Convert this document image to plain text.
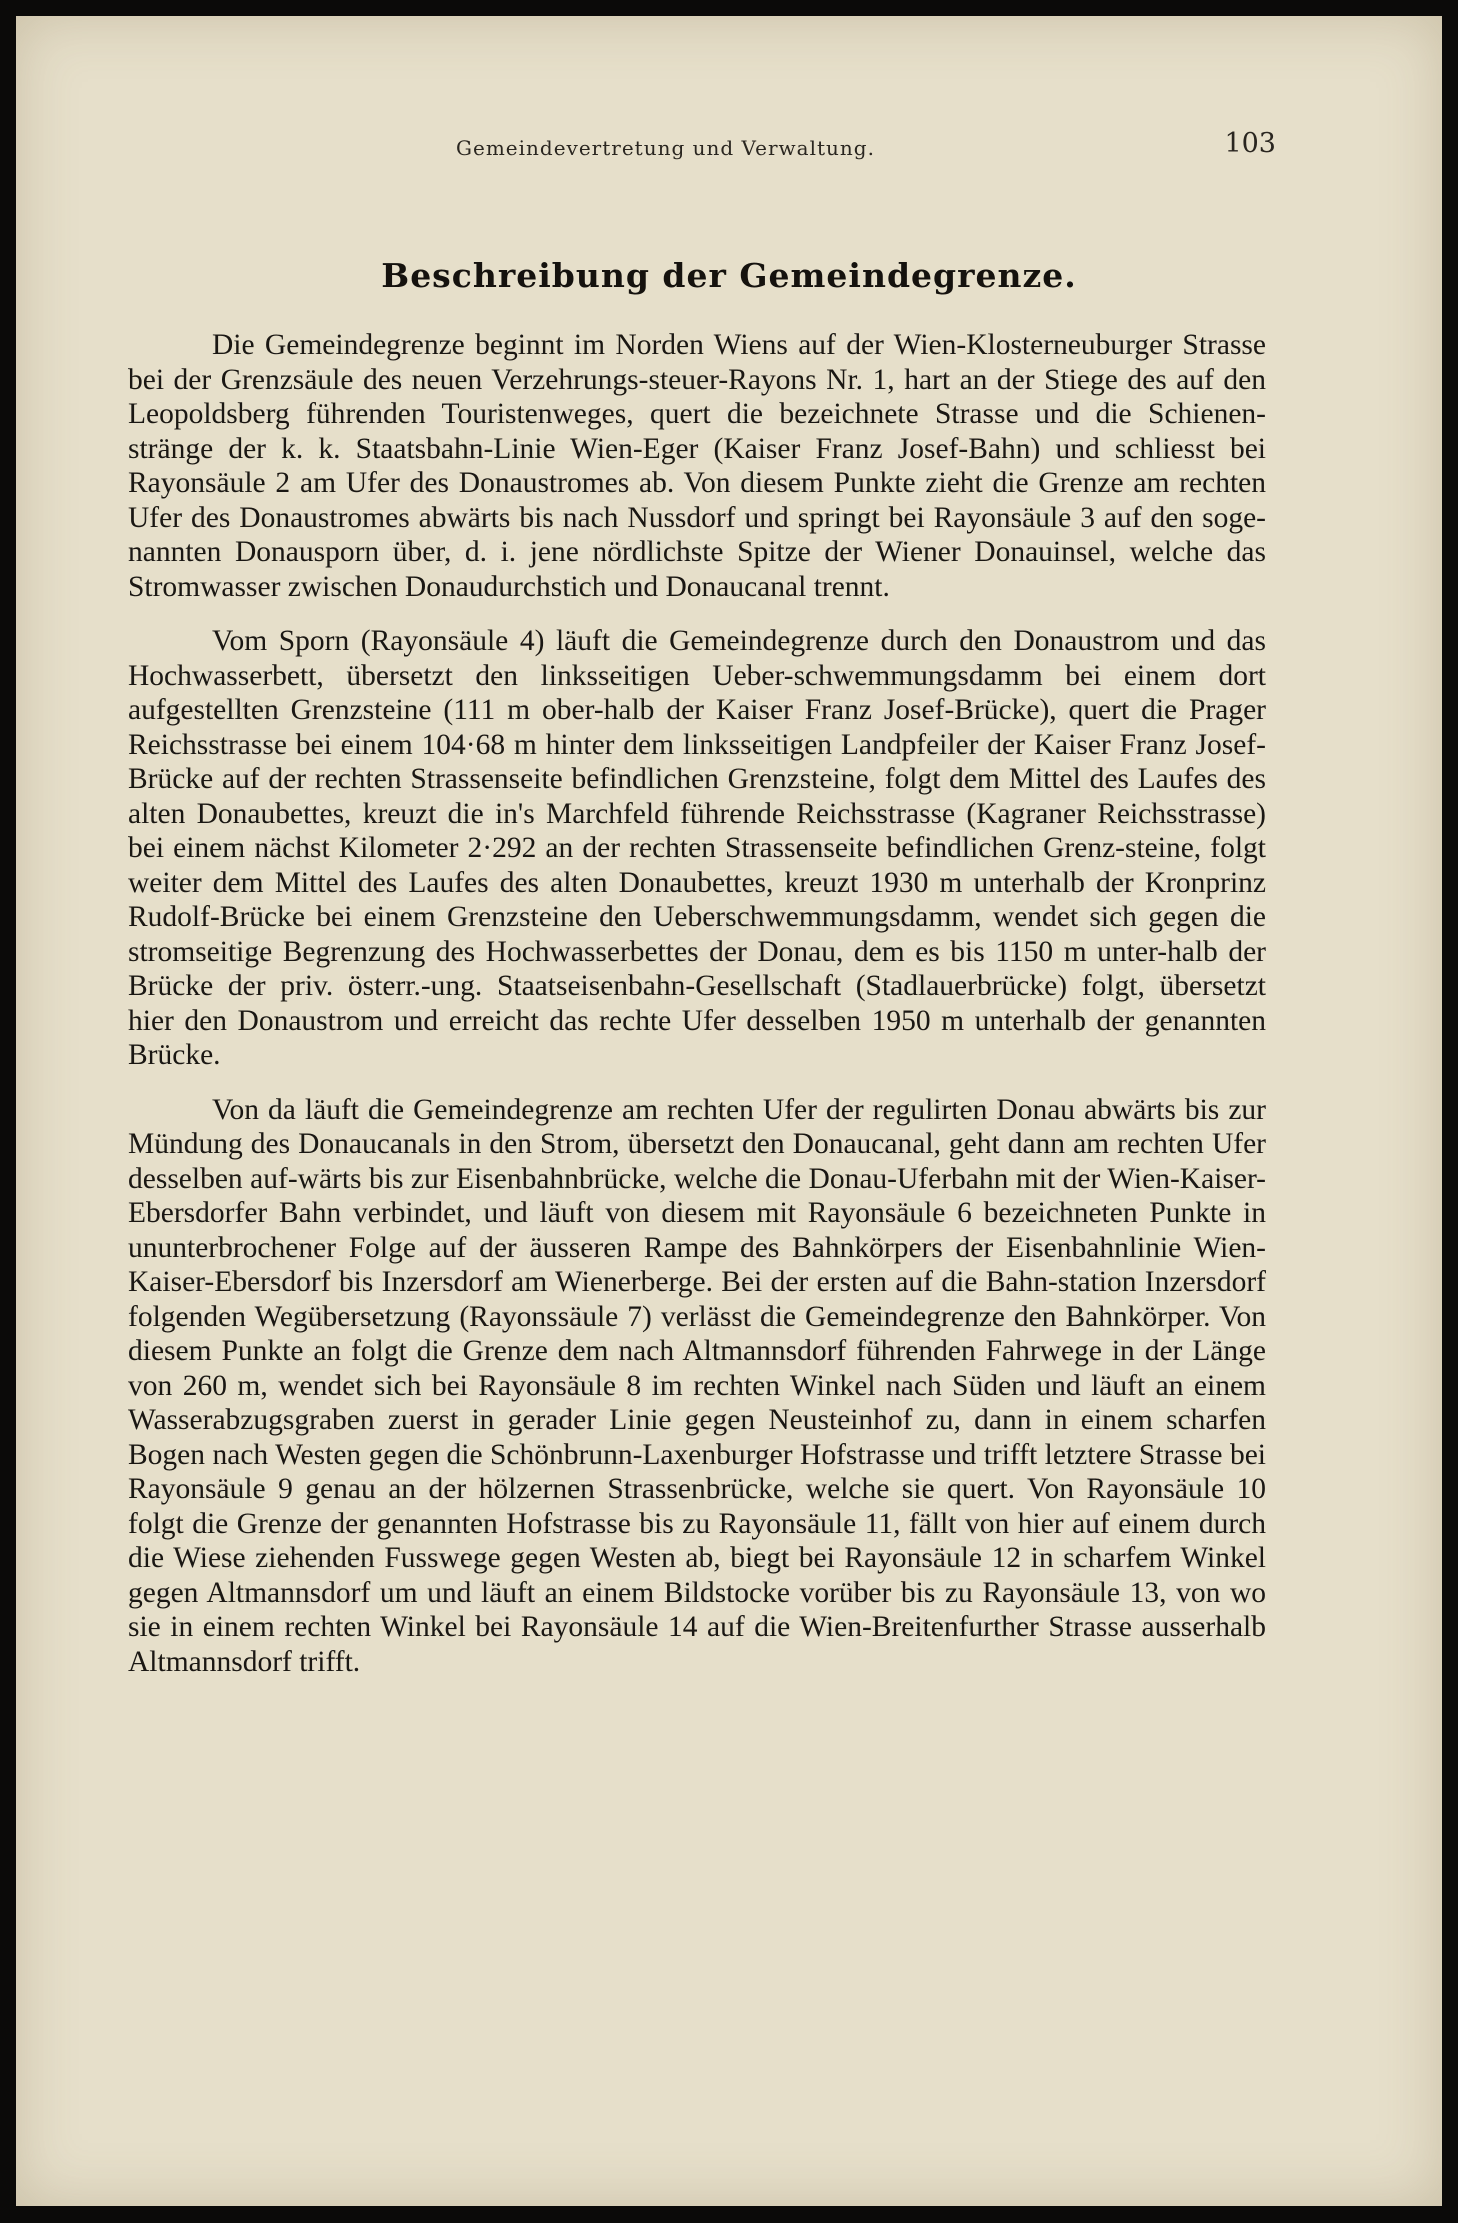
Gemeindevertretung und Verwaltung.	103
Beschreibung der Gemeindegrenze.

Die Gemeindegrenze beginnt im Norden Wiens auf der Wien-Klosterneuburger Strasse bei der Grenzsäule des neuen Verzehrungs-steuer-Rayons Nr. 1, hart an der Stiege des auf den Leopoldsberg führenden Touristenweges, quert die bezeichnete Strasse und die Schienen-stränge der k. k. Staatsbahn-Linie Wien-Eger (Kaiser Franz Josef-Bahn) und schliesst bei Rayonsäule 2 am Ufer des Donaustromes ab. Von diesem Punkte zieht die Grenze am rechten Ufer des Donaustromes abwärts bis nach Nussdorf und springt bei Rayonsäule 3 auf den soge-nannten Donausporn über, d. i. jene nördlichste Spitze der Wiener Donauinsel, welche das Stromwasser zwischen Donaudurchstich und Donaucanal trennt.

Vom Sporn (Rayonsäule 4) läuft die Gemeindegrenze durch den Donaustrom und das Hochwasserbett, übersetzt den linksseitigen Ueber-schwemmungsdamm bei einem dort aufgestellten Grenzsteine (111 m ober-halb der Kaiser Franz Josef-Brücke), quert die Prager Reichsstrasse bei einem 104·68 m hinter dem linksseitigen Landpfeiler der Kaiser Franz Josef-Brücke auf der rechten Strassenseite befindlichen Grenzsteine, folgt dem Mittel des Laufes des alten Donaubettes, kreuzt die in's Marchfeld führende Reichsstrasse (Kagraner Reichsstrasse) bei einem nächst Kilometer 2·292 an der rechten Strassenseite befindlichen Grenz-steine, folgt weiter dem Mittel des Laufes des alten Donaubettes, kreuzt 1930 m unterhalb der Kronprinz Rudolf-Brücke bei einem Grenzsteine den Ueberschwemmungsdamm, wendet sich gegen die stromseitige Begrenzung des Hochwasserbettes der Donau, dem es bis 1150 m unter-halb der Brücke der priv. österr.-ung. Staatseisenbahn-Gesellschaft (Stadlauerbrücke) folgt, übersetzt hier den Donaustrom und erreicht das rechte Ufer desselben 1950 m unterhalb der genannten Brücke.

Von da läuft die Gemeindegrenze am rechten Ufer der regulirten Donau abwärts bis zur Mündung des Donaucanals in den Strom, übersetzt den Donaucanal, geht dann am rechten Ufer desselben auf-wärts bis zur Eisenbahnbrücke, welche die Donau-Uferbahn mit der Wien-Kaiser-Ebersdorfer Bahn verbindet, und läuft von diesem mit Rayonsäule 6 bezeichneten Punkte in ununterbrochener Folge auf der äusseren Rampe des Bahnkörpers der Eisenbahnlinie Wien-Kaiser-Ebersdorf bis Inzersdorf am Wienerberge. Bei der ersten auf die Bahn-station Inzersdorf folgenden Wegübersetzung (Rayonssäule 7) verlässt die Gemeindegrenze den Bahnkörper. Von diesem Punkte an folgt die Grenze dem nach Altmannsdorf führenden Fahrwege in der Länge von 260 m, wendet sich bei Rayonsäule 8 im rechten Winkel nach Süden und läuft an einem Wasserabzugsgraben zuerst in gerader Linie gegen Neusteinhof zu, dann in einem scharfen Bogen nach Westen gegen die Schönbrunn-Laxenburger Hofstrasse und trifft letztere Strasse bei Rayonsäule 9 genau an der hölzernen Strassenbrücke, welche sie quert. Von Rayonsäule 10 folgt die Grenze der genannten Hofstrasse bis zu Rayonsäule 11, fällt von hier auf einem durch die Wiese ziehenden Fusswege gegen Westen ab, biegt bei Rayonsäule 12 in scharfem Winkel gegen Altmannsdorf um und läuft an einem Bildstocke vorüber bis zu Rayonsäule 13, von wo sie in einem rechten Winkel bei Rayonsäule 14 auf die Wien-Breitenfurther Strasse ausserhalb Altmannsdorf trifft.
